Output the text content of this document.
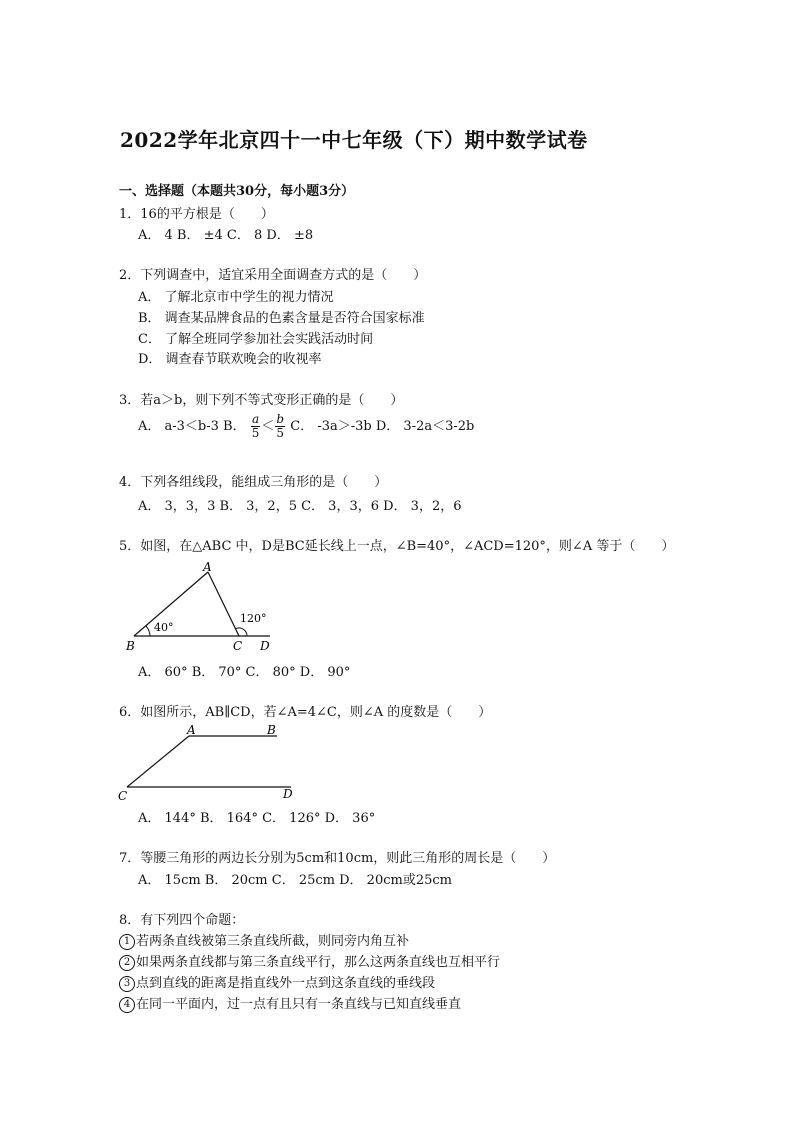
2022学年北京四十一中七年级（下）期中数学试卷
一、选择题（本题共30分，每小题3分）
1．16的平方根是（　　）
A． 4 B． ±4 C． 8 D． ±8
2．下列调查中，适宜采用全面调查方式的是（　　）
A． 了解北京市中学生的视力情况
B． 调查某品牌食品的色素含量是否符合国家标准
C． 了解全班同学参加社会实践活动时间
D． 调查春节联欢晚会的收视率
3．若a＞b，则下列不等式变形正确的是（　　）
A． a-3＜b-3 B． $\frac{a}{5} < \frac{b}{5}$ C． -3a＞-3b D． 3-2a＜3-2b
4．下列各组线段，能组成三角形的是（　　）
A． 3，3，3 B． 3，2，5 C． 3，3，6 D． 3，2，6
5．如图，在△ABC 中，D是BC延长线上一点，∠B=40°，∠ACD=120°，则∠A 等于（　　）
A
B	C D
40°
120°
A． 60° B． 70° C． 80° D． 90°
6．如图所示，AB∥CD，若∠A=4∠C，则∠A 的度数是（　　）
A	B
C	D
A． 144° B． 164° C． 126° D． 36°
7．等腰三角形的两边长分别为5cm和10cm，则此三角形的周长是（　　）
A． 15cm B． 20cm C． 25cm D． 20cm或25cm
8．有下列四个命题：
1 若两条直线被第三条直线所截，则同旁内角互补
2 如果两条直线都与第三条直线平行，那么这两条直线也互相平行
3 点到直线的距离是指直线外一点到这条直线的垂线段
4 在同一平面内，过一点有且只有一条直线与已知直线垂直
